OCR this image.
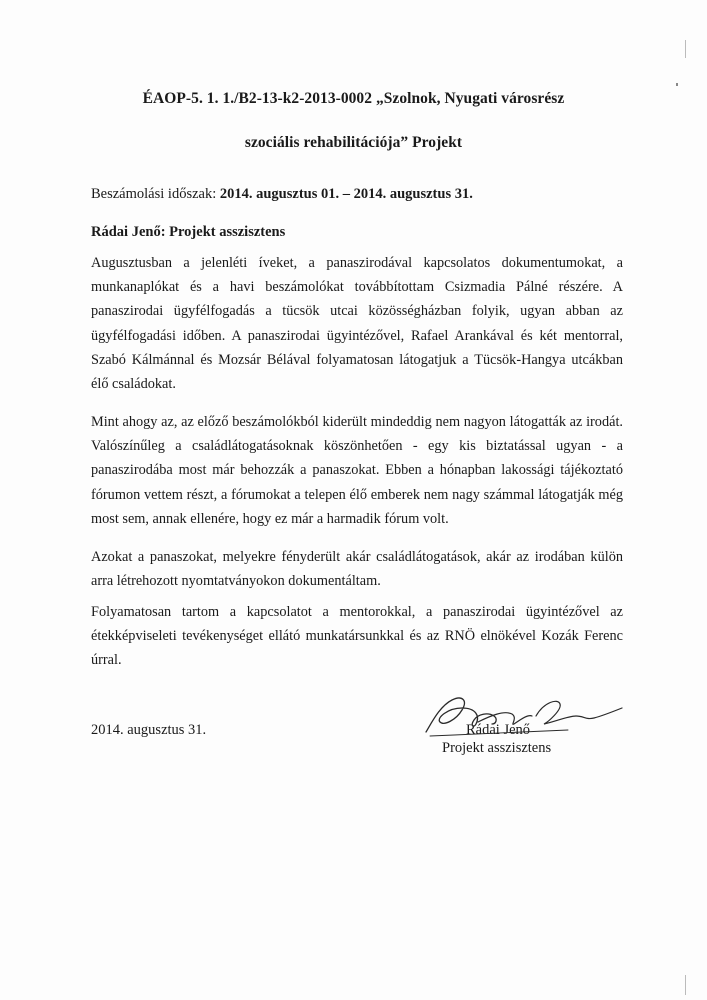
ÉAOP-5. 1. 1./B2-13-k2-2013-0002 „Szolnok, Nyugati városrész
szociális rehabilitációja” Projekt
Beszámolási időszak: 2014. augusztus 01. – 2014. augusztus 31.
Rádai Jenő: Projekt asszisztens

Augusztusban a jelenléti íveket, a panaszirodával kapcsolatos dokumentumokat, a munkanaplókat és a havi beszámolókat továbbítottam Csizmadia Pálné részére. A panaszirodai ügyfélfogadás a tücsök utcai közösségházban folyik, ugyan abban az ügyfélfogadási időben. A panaszirodai ügyintézővel, Rafael Arankával és két mentorral, Szabó Kálmánnal és Mozsár Bélával folyamatosan látogatjuk a Tücsök-Hangya utcákban élő családokat.

Mint ahogy az, az előző beszámolókból kiderült mindeddig nem nagyon látogatták az irodát. Valószínűleg a családlátogatásoknak köszönhetően - egy kis biztatással ugyan - a panaszirodába most már behozzák a panaszokat. Ebben a hónapban lakossági tájékoztató fórumon vettem részt, a fórumokat a telepen élő emberek nem nagy számmal látogatják még most sem, annak ellenére, hogy ez már a harmadik fórum volt.

Azokat a panaszokat, melyekre fényderült akár családlátogatások, akár az irodában külön arra létrehozott nyomtatványokon dokumentáltam.

Folyamatosan tartom a kapcsolatot a mentorokkal, a panaszirodai ügyintézővel az étekképviseleti tevékenységet ellátó munkatársunkkal és az RNÖ elnökével Kozák Ferenc úrral.

2014. augusztus 31.	Rádai Jenő
Projekt asszisztens
